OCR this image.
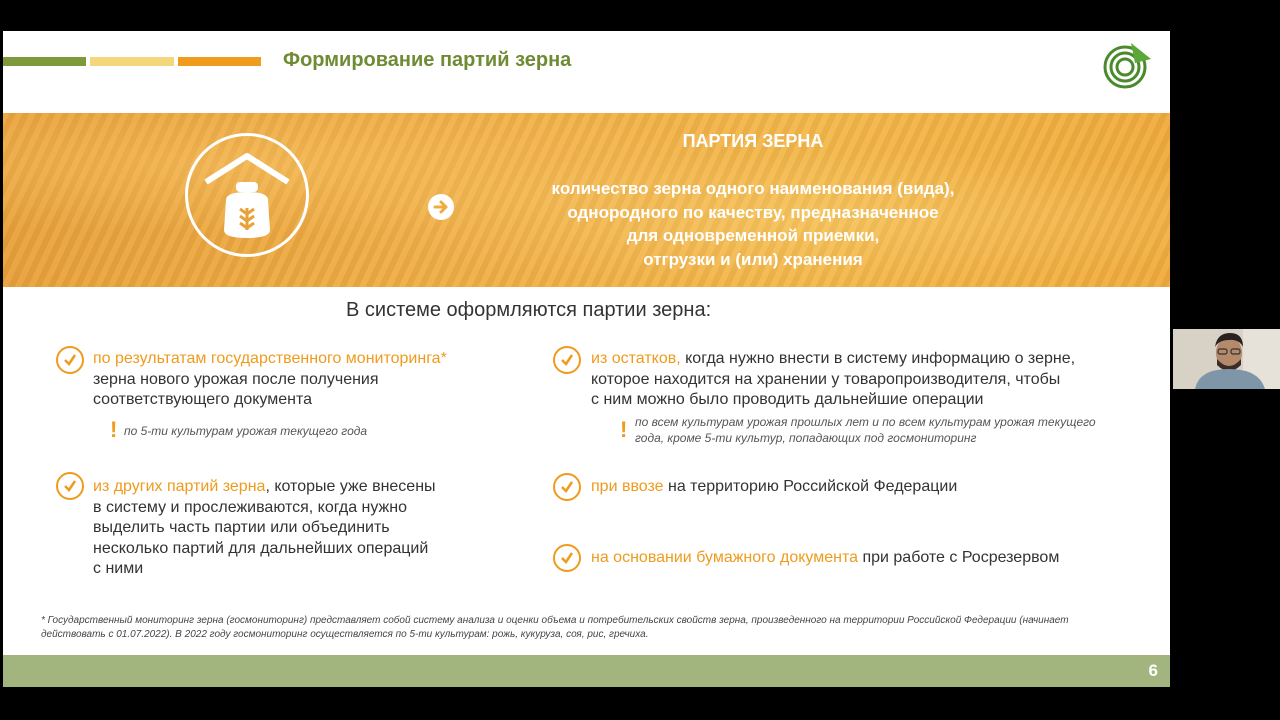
Формирование партий зерна
ПАРТИЯ ЗЕРНА
количество зерна одного наименования (вида),
однородного по качеству, предназначенное
для одновременной приемки,
отгрузки и (или) хранения
В системе оформляются партии зерна:
по результатам государственного мониторинга*
зерна нового урожая после получения
соответствующего документа
! по 5-ти культурам урожая текущего года
из других партий зерна, которые уже внесены
в систему и прослеживаются, когда нужно
выделить часть партии или объединить
несколько партий для дальнейших операций
с ними
из остатков, когда нужно внести в систему информацию о зерне,
которое находится на хранении у товаропроизводителя, чтобы
с ним можно было проводить дальнейшие операции
! по всем культурам урожая прошлых лет и по всем культурам урожая текущего
года, кроме 5-ти культур, попадающих под госмониторинг
при ввозе на территорию Российской Федерации
на основании бумажного документа при работе с Росрезервом
* Государственный мониторинг зерна (госмониторинг) представляет собой систему анализа и оценки объема и потребительских свойств зерна, произведенного на территории Российской Федерации (начинает
действовать с 01.07.2022). В 2022 году госмониторинг осуществляется по 5-ти культурам: рожь, кукуруза, соя, рис, гречиха.
6
